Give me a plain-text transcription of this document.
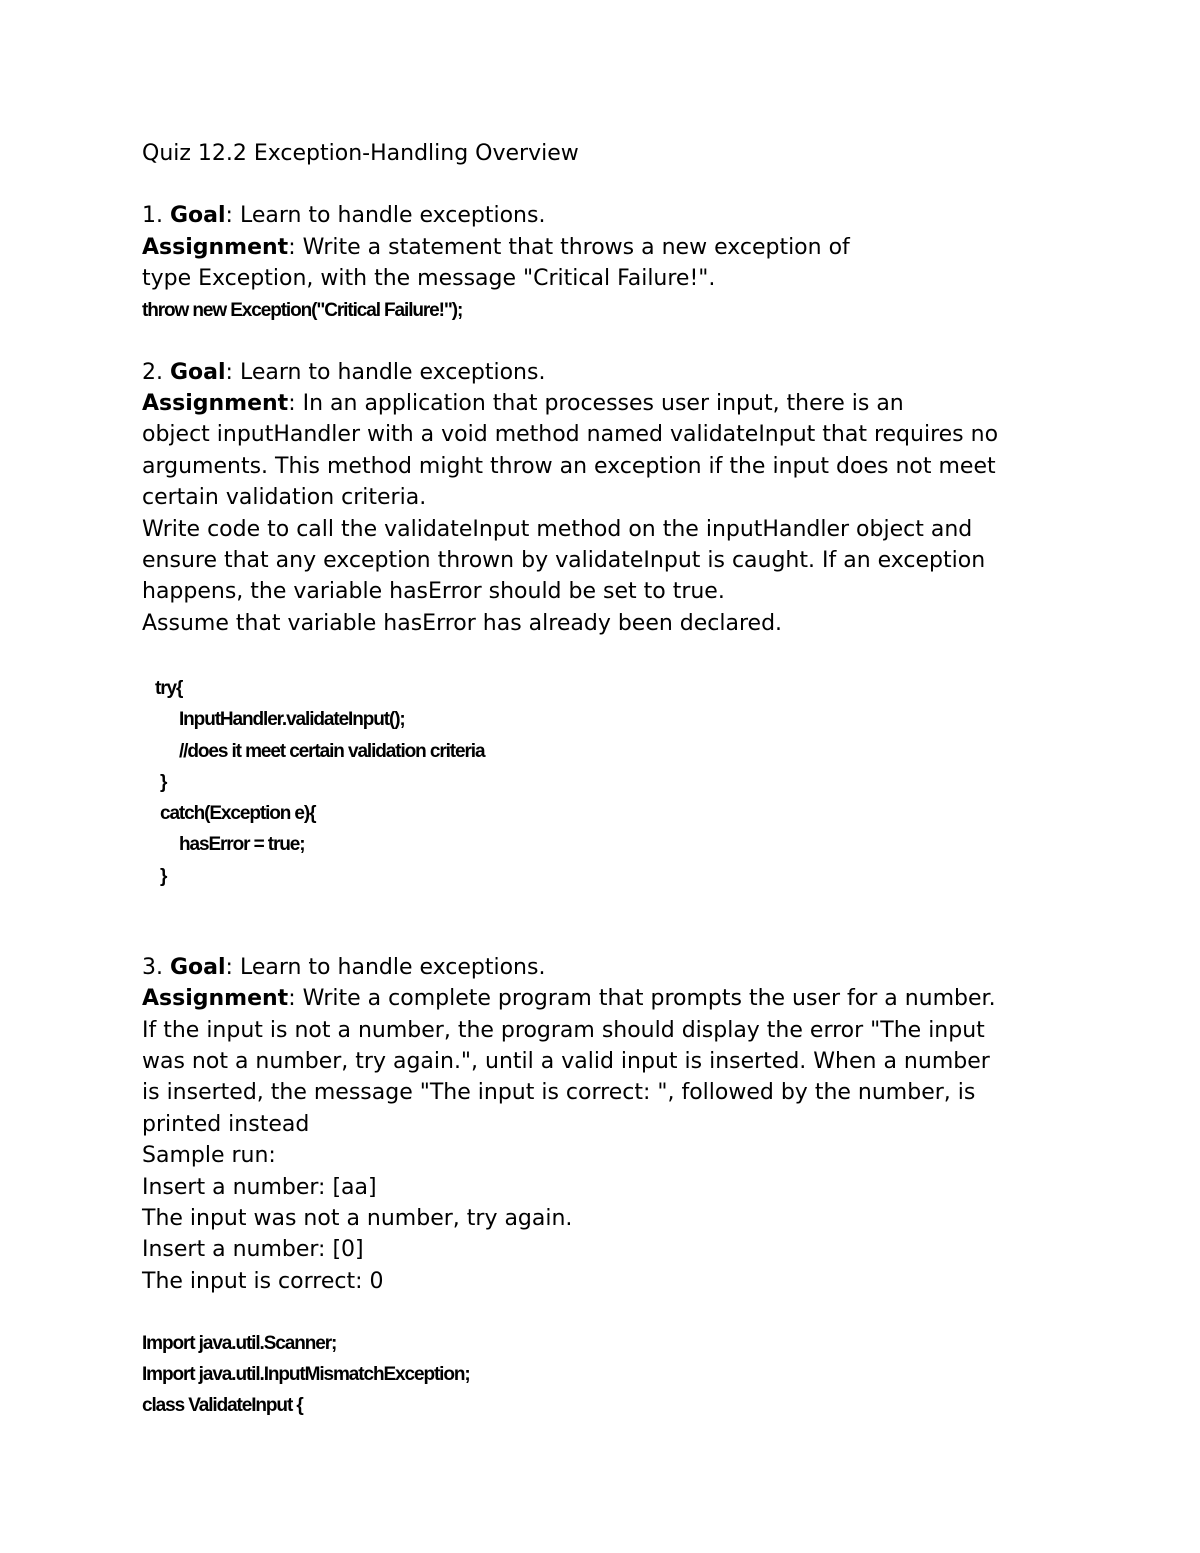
Quiz 12.2 Exception-Handling Overview

1. Goal: Learn to handle exceptions.

Assignment: Write a statement that throws a new exception of

type Exception, with the message "Critical Failure!".

throw new Exception("Critical Failure!");

2. Goal: Learn to handle exceptions.

Assignment: In an application that processes user input, there is an

object inputHandler with a void method named validateInput that requires no

arguments. This method might throw an exception if the input does not meet

certain validation criteria.

Write code to call the validateInput method on the inputHandler object and

ensure that any exception thrown by validateInput is caught. If an exception

happens, the variable hasError should be set to true.

Assume that variable hasError has already been declared.

try{

InputHandler.validateInput();

//does it meet certain validation criteria

}

catch(Exception e){

hasError = true;

}

3. Goal: Learn to handle exceptions.

Assignment: Write a complete program that prompts the user for a number.

If the input is not a number, the program should display the error "The input

was not a number, try again.", until a valid input is inserted. When a number

is inserted, the message "The input is correct: ", followed by the number, is

printed instead

Sample run:

Insert a number: [aa]

The input was not a number, try again.

Insert a number: [0]

The input is correct: 0

Import java.util.Scanner;

Import java.util.InputMismatchException;

class ValidateInput {
